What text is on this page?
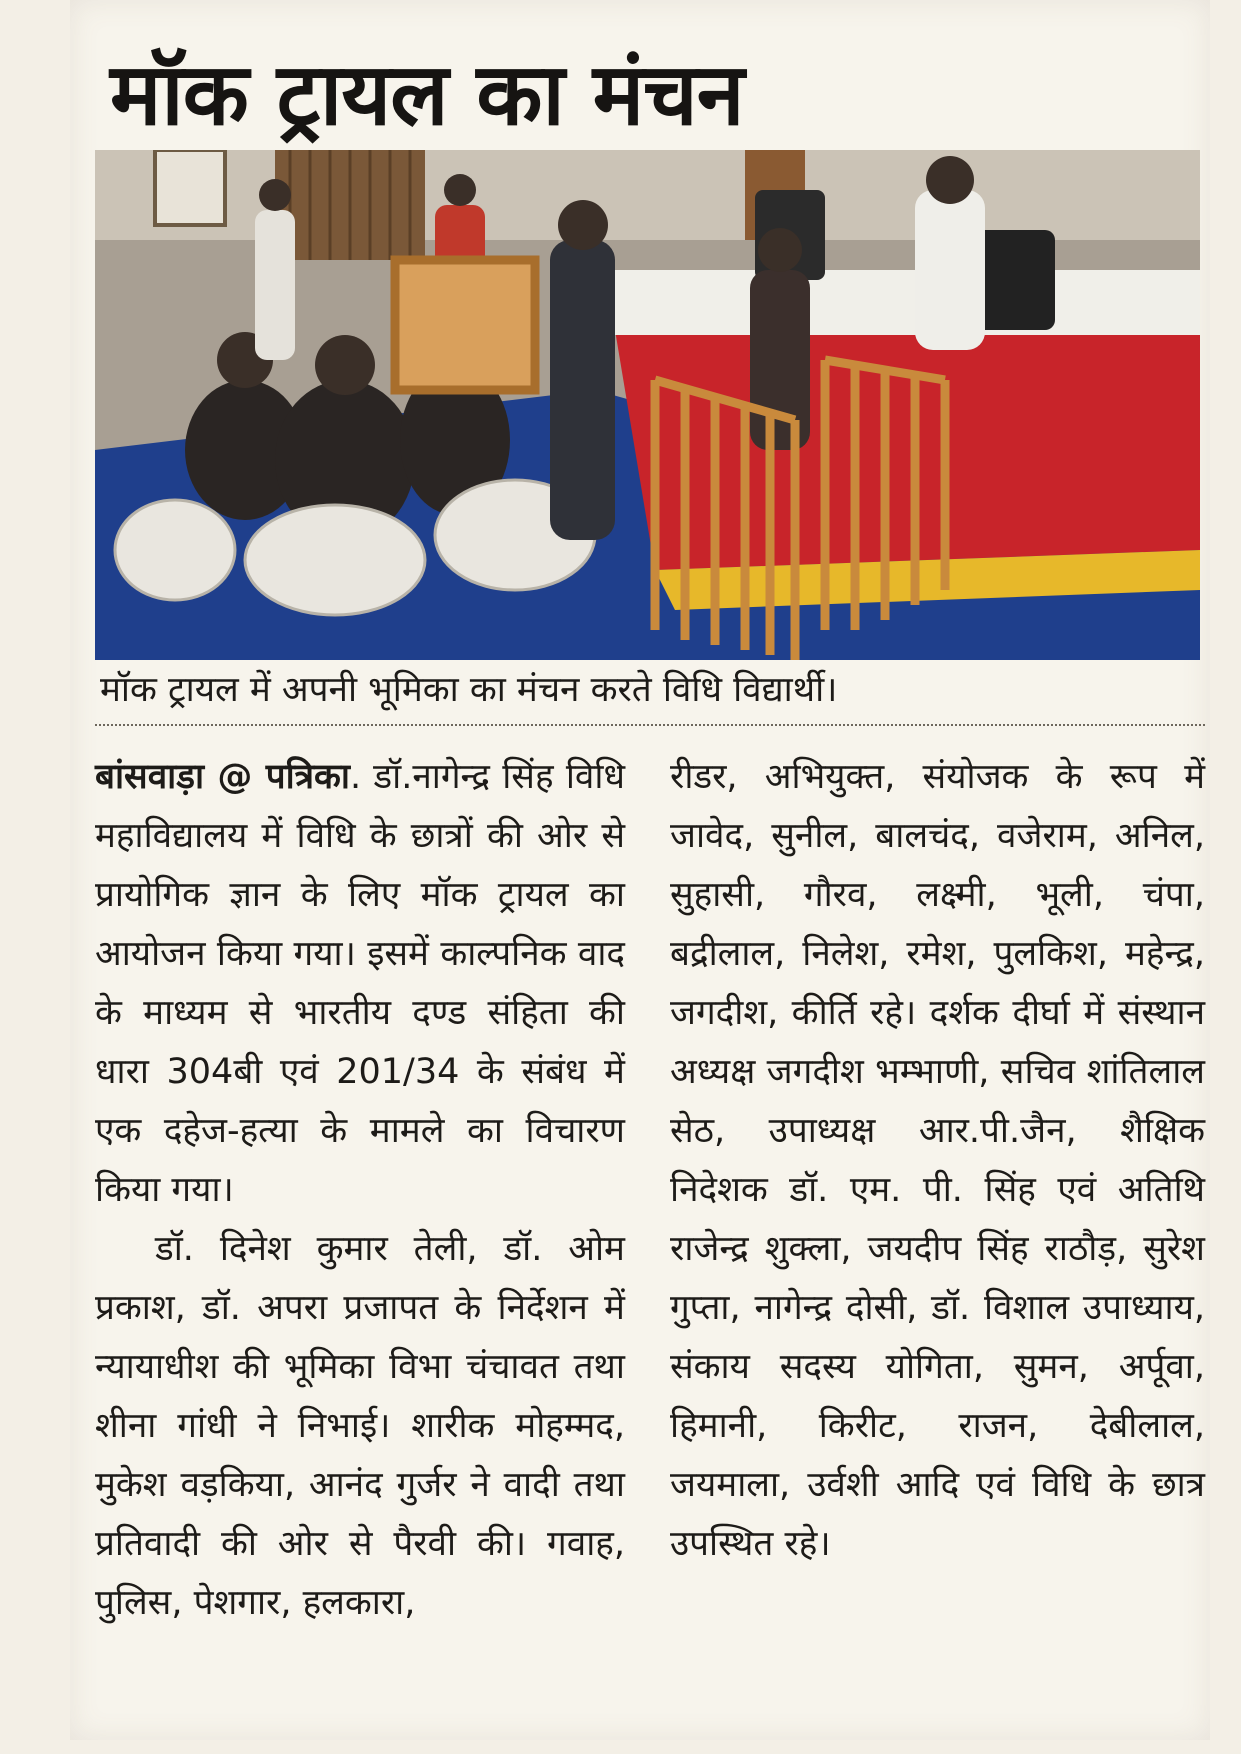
मॉक ट्रायल का मंचन
मॉक ट्रायल में अपनी भूमिका का मंचन करते विधि विद्यार्थी।

बांसवाड़ा @ पत्रिका. डॉ.नागेन्द्र सिंह विधि महाविद्यालय में विधि के छात्रों की ओर से प्रायोगिक ज्ञान के लिए मॉक ट्रायल का आयोजन किया गया। इसमें काल्पनिक वाद के माध्यम से भारतीय दण्ड संहिता की धारा 304बी एवं 201/34 के संबंध में एक दहेज-हत्या के मामले का विचारण किया गया।

डॉ. दिनेश कुमार तेली, डॉ. ओम प्रकाश, डॉ. अपरा प्रजापत के निर्देशन में न्यायाधीश की भूमिका विभा चंचावत तथा शीना गांधी ने निभाई। शारीक मोहम्मद, मुकेश वड़किया, आनंद गुर्जर ने वादी तथा प्रतिवादी की ओर से पैरवी की। गवाह, पुलिस, पेशगार, हलकारा,

रीडर, अभियुक्त, संयोजक के रूप में जावेद, सुनील, बालचंद, वजेराम, अनिल, सुहासी, गौरव, लक्ष्मी, भूली, चंपा, बद्रीलाल, निलेश, रमेश, पुलकिश, महेन्द्र, जगदीश, कीर्ति रहे। दर्शक दीर्घा में संस्थान अध्यक्ष जगदीश भम्भाणी, सचिव शांतिलाल सेठ, उपाध्यक्ष आर.पी.जैन, शैक्षिक निदेशक डॉ. एम. पी. सिंह एवं अतिथि राजेन्द्र शुक्ला, जयदीप सिंह राठौड़, सुरेश गुप्ता, नागेन्द्र दोसी, डॉ. विशाल उपाध्याय, संकाय सदस्य योगिता, सुमन, अर्पूवा, हिमानी, किरीट, राजन, देबीलाल, जयमाला, उर्वशी आदि एवं विधि के छात्र उपस्थित रहे।
